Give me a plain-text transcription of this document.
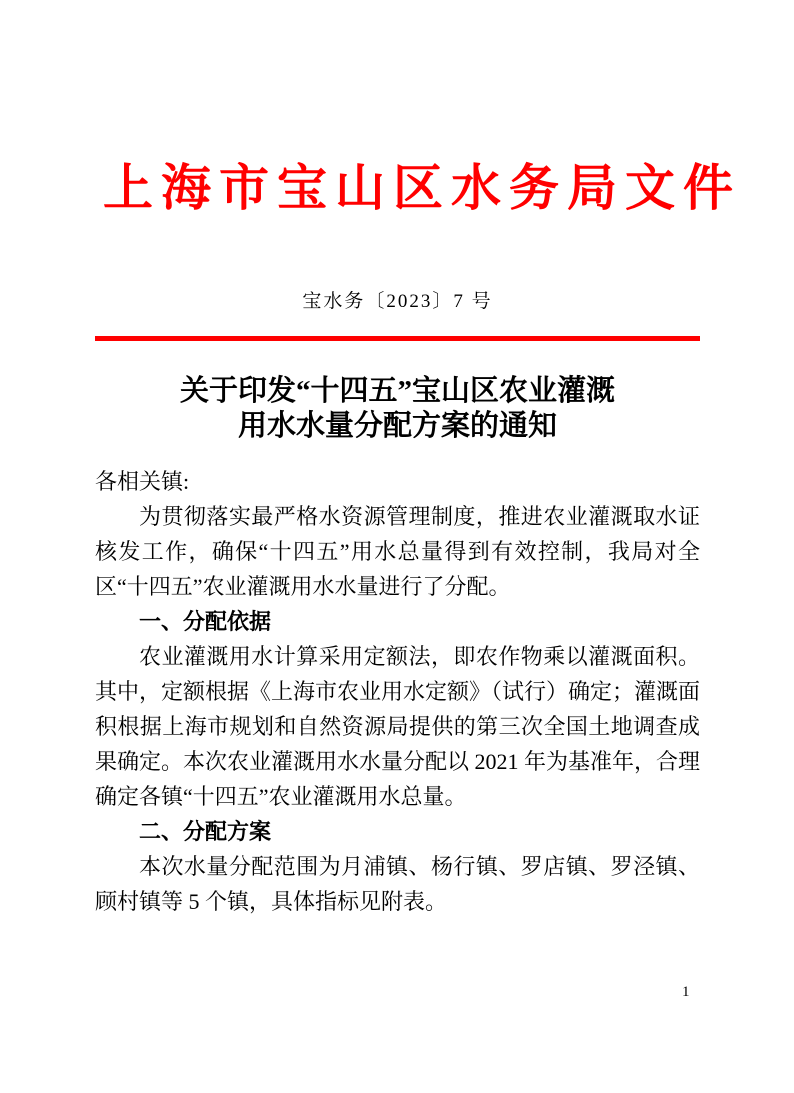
上海市宝山区水务局文件
宝水务〔2023〕7 号
关于印发“十四五”宝山区农业灌溉
用水水量分配方案的通知

各相关镇:

为贯彻落实最严格水资源管理制度，推进农业灌溉取水证核发工作，确保“十四五”用水总量得到有效控制，我局对全区“十四五”农业灌溉用水水量进行了分配。

一、分配依据

农业灌溉用水计算采用定额法，即农作物乘以灌溉面积。其中，定额根据《上海市农业用水定额》（试行）确定；灌溉面积根据上海市规划和自然资源局提供的第三次全国土地调查成果确定。本次农业灌溉用水水量分配以 2021 年为基准年，合理确定各镇“十四五”农业灌溉用水总量。

二、分配方案

本次水量分配范围为月浦镇、杨行镇、罗店镇、罗泾镇、顾村镇等 5 个镇，具体指标见附表。

1
